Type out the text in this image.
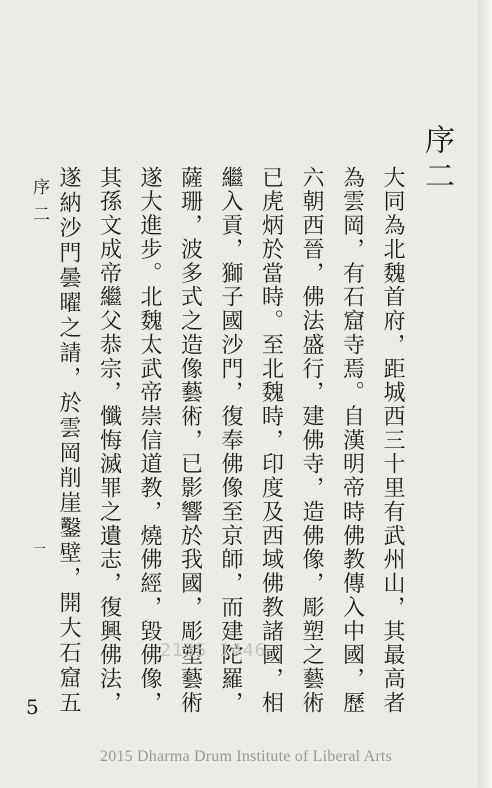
序二

大同為北魏首府，距城西三十里有武州山，其最高者為雲岡，有石窟寺焉。自漢明帝時佛教傳入中國，歷六朝西晉，佛法盛行，建佛寺，造佛像，彫塑之藝術已虎炳於當時。至北魏時，印度及西域佛教諸國，相繼入貢，獅子國沙門，復奉佛像至京師，而建陀羅，薩珊，波多式之造像藝術，已影響於我國，彫塑藝術遂大進步。北魏太武帝崇信道教，燒佛經，毀佛像，其孫文成帝繼父恭宗，懺悔滅罪之遺志，復興佛法，遂納沙門曇曜之請，於雲岡削崖鑿壁，開大石窟五

序二
一
5
2135 1446
2015 Dharma Drum Institute of Liberal Arts
